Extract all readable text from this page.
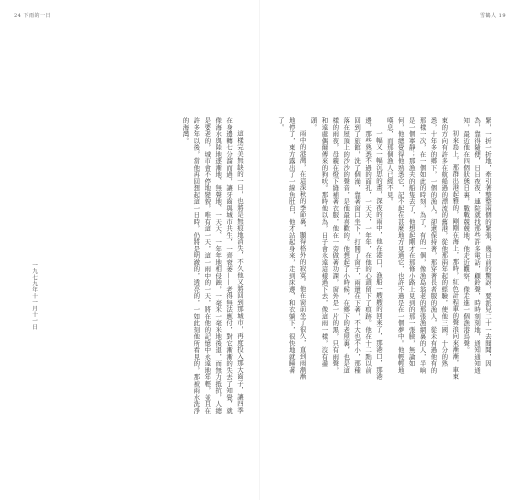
24 下雨的一日

這樣完美無缺的一日，也將是無痕地消失，不久他又將回到那城市，再度投入那大齒子，讓四季在身邊轉七分溜而過，讓牙齒與城市共生，一齊衰萎——老得無法應付，對它漸漸的失去了知覺，就像海水與陸地逐漸地、無聲地、一天天、一年年地相侵蝕，一毫米一毫米地後退，而無力抵抗，人總是要老的，城市會不停地變貌，唯有這一天，這一雨中的一天，將在他的記憶中永遠地年輕，並且在許多年以後，當他再回想起這一日時，仍將是明澈的，透亮的，一如此刻他所看見的，那被雨水洗淨的海灣。

一九七九年十一月十一日
雪鶴人 19

緊，一折一折地，牽引著整整兩個的緊張，幾日前的驚訝，要派兒二十一去聞聞，因為，靠得隨便，日日夜夜，連院就找那些許多電話，顧鈴聲，時時刻刻地，通知通知通知，最近他在四個狀態日裏，戰戰兢兢地，他走近觀察，像走進一個漁港鳥聲。

初來島上，那群出港起雅的，剛剛在海上，那時，紅色計程車的聲浪向來漸漸，車東東的方向有許多在航船過的漂流的舊港，從他那兩年起的經驗，使他三國，十分的熟悉，十年多的鄉下，一個的漁人，卻還保持著，那穿著長者服的漁人，從未有過他有的那樣一次，在一個如此的時刻，為了，有的一個，像漁島翁老的那張漁網裏的人，半晌是一個寧靜；那漁夫的船隻去了，他想起剛才在那條小路上見到的那一張臉，無論如何，他總覺得他熟悉它，記不起在甚麼地方見過它，也許不過是在一個夢中。他輕輕地嘆息，而那個漁人已經不見。

一幅又一幅沉思的畫，深夜的雨中，他在港口，漁船一艘艘的回來了，那港口，那港邊，那些熟悉不過的面孔，一天天，一年年，在他的心頭留下了痕跡。他在十二點以前回到了旅館，洗了個澡，靠著窗口坐下，打開了窗子，雨還在下著，不大也不小，那種落在屋頂上的沙沙的聲音，是他最喜歡的。他想起了小時候，在鄉下的老屋裏，也是這樣的雨夜，母親在燈下縫補著衣服，他在一旁做著功課，窗外是一片的黑，只有雨聲，和遠處偶爾傳來的狗吠。那時他以為，日子會永遠這樣過下去，像這雨一樣，沒有盡頭。

雨中的港灣，在這深秋的季節裏，顯得格外的寂寞。他在窗前坐了很久，直到雨漸漸地停了，東方露出了一線魚肚白，他才站起身來，走到床邊，和衣躺下，很快地就睡著了。
